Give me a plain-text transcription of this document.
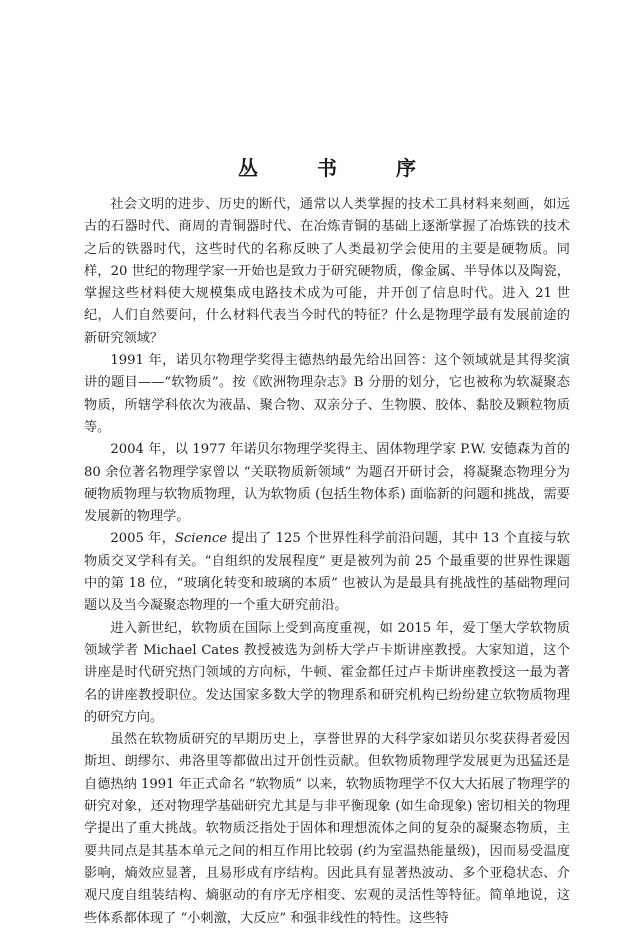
丛 书 序

社会文明的进步、历史的断代，通常以人类掌握的技术工具材料来刻画，如远古的石器时代、商周的青铜器时代、在冶炼青铜的基础上逐渐掌握了冶炼铁的技术之后的铁器时代，这些时代的名称反映了人类最初学会使用的主要是硬物质。同样，20 世纪的物理学家一开始也是致力于研究硬物质，像金属、半导体以及陶瓷，掌握这些材料使大规模集成电路技术成为可能，并开创了信息时代。进入 21 世纪，人们自然要问，什么材料代表当今时代的特征？什么是物理学最有发展前途的新研究领域？

1991 年，诺贝尔物理学奖得主德热纳最先给出回答：这个领域就是其得奖演讲的题目——“软物质”。按《欧洲物理杂志》B 分册的划分，它也被称为软凝聚态物质，所辖学科依次为液晶、聚合物、双亲分子、生物膜、胶体、黏胶及颗粒物质等。

2004 年，以 1977 年诺贝尔物理学奖得主、固体物理学家 P.W. 安德森为首的 80 余位著名物理学家曾以 “关联物质新领域” 为题召开研讨会，将凝聚态物理分为硬物质物理与软物质物理，认为软物质 (包括生物体系) 面临新的问题和挑战，需要发展新的物理学。

2005 年，Science 提出了 125 个世界性科学前沿问题，其中 13 个直接与软物质交叉学科有关。“自组织的发展程度” 更是被列为前 25 个最重要的世界性课题中的第 18 位，“玻璃化转变和玻璃的本质” 也被认为是最具有挑战性的基础物理问题以及当今凝聚态物理的一个重大研究前沿。

进入新世纪，软物质在国际上受到高度重视，如 2015 年，爱丁堡大学软物质领域学者 Michael Cates 教授被选为剑桥大学卢卡斯讲座教授。大家知道，这个讲座是时代研究热门领域的方向标，牛顿、霍金都任过卢卡斯讲座教授这一最为著名的讲座教授职位。发达国家多数大学的物理系和研究机构已纷纷建立软物质物理的研究方向。

虽然在软物质研究的早期历史上，享誉世界的大科学家如诺贝尔奖获得者爱因斯坦、朗缪尔、弗洛里等都做出过开创性贡献。但软物质物理学发展更为迅猛还是自德热纳 1991 年正式命名 “软物质” 以来，软物质物理学不仅大大拓展了物理学的研究对象，还对物理学基础研究尤其是与非平衡现象 (如生命现象) 密切相关的物理学提出了重大挑战。软物质泛指处于固体和理想流体之间的复杂的凝聚态物质，主要共同点是其基本单元之间的相互作用比较弱 (约为室温热能量级)，因而易受温度影响，熵效应显著，且易形成有序结构。因此具有显著热波动、多个亚稳状态、介观尺度自组装结构、熵驱动的有序无序相变、宏观的灵活性等特征。简单地说，这些体系都体现了 “小刺激，大反应” 和强非线性的特性。这些特
